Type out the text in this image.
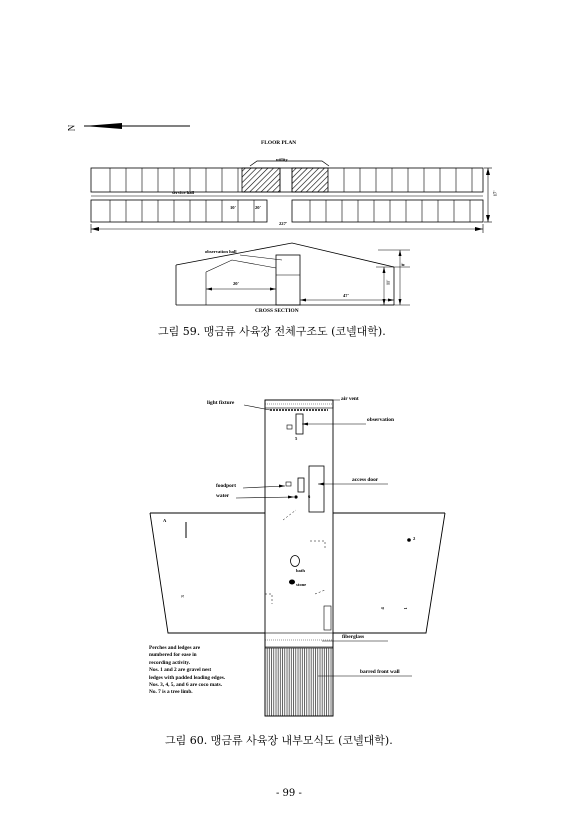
N
FLOOR PLAN
utility
service hall
10'	20'
227'
17'
observation hall
20'
47'
11'
8'
CROSS SECTION
그림 59. 맹금류 사육장 전체구조도 (코넬대학).
light fixture
air vent
observation
5
foodport
water	6
access door
A
3
bath
stone
4	1
2
fiberglass
barred front wall
Perches and ledges are
numbered for ease in
recording activity.
Nos. 1 and 2 are gravel nest
ledges with padded leading edges.
Nos. 3, 4, 5, and 6 are coco mats.
No. 7 is a tree limb.
그림 60. 맹금류 사육장 내부모식도 (코넬대학).
- 99 -
